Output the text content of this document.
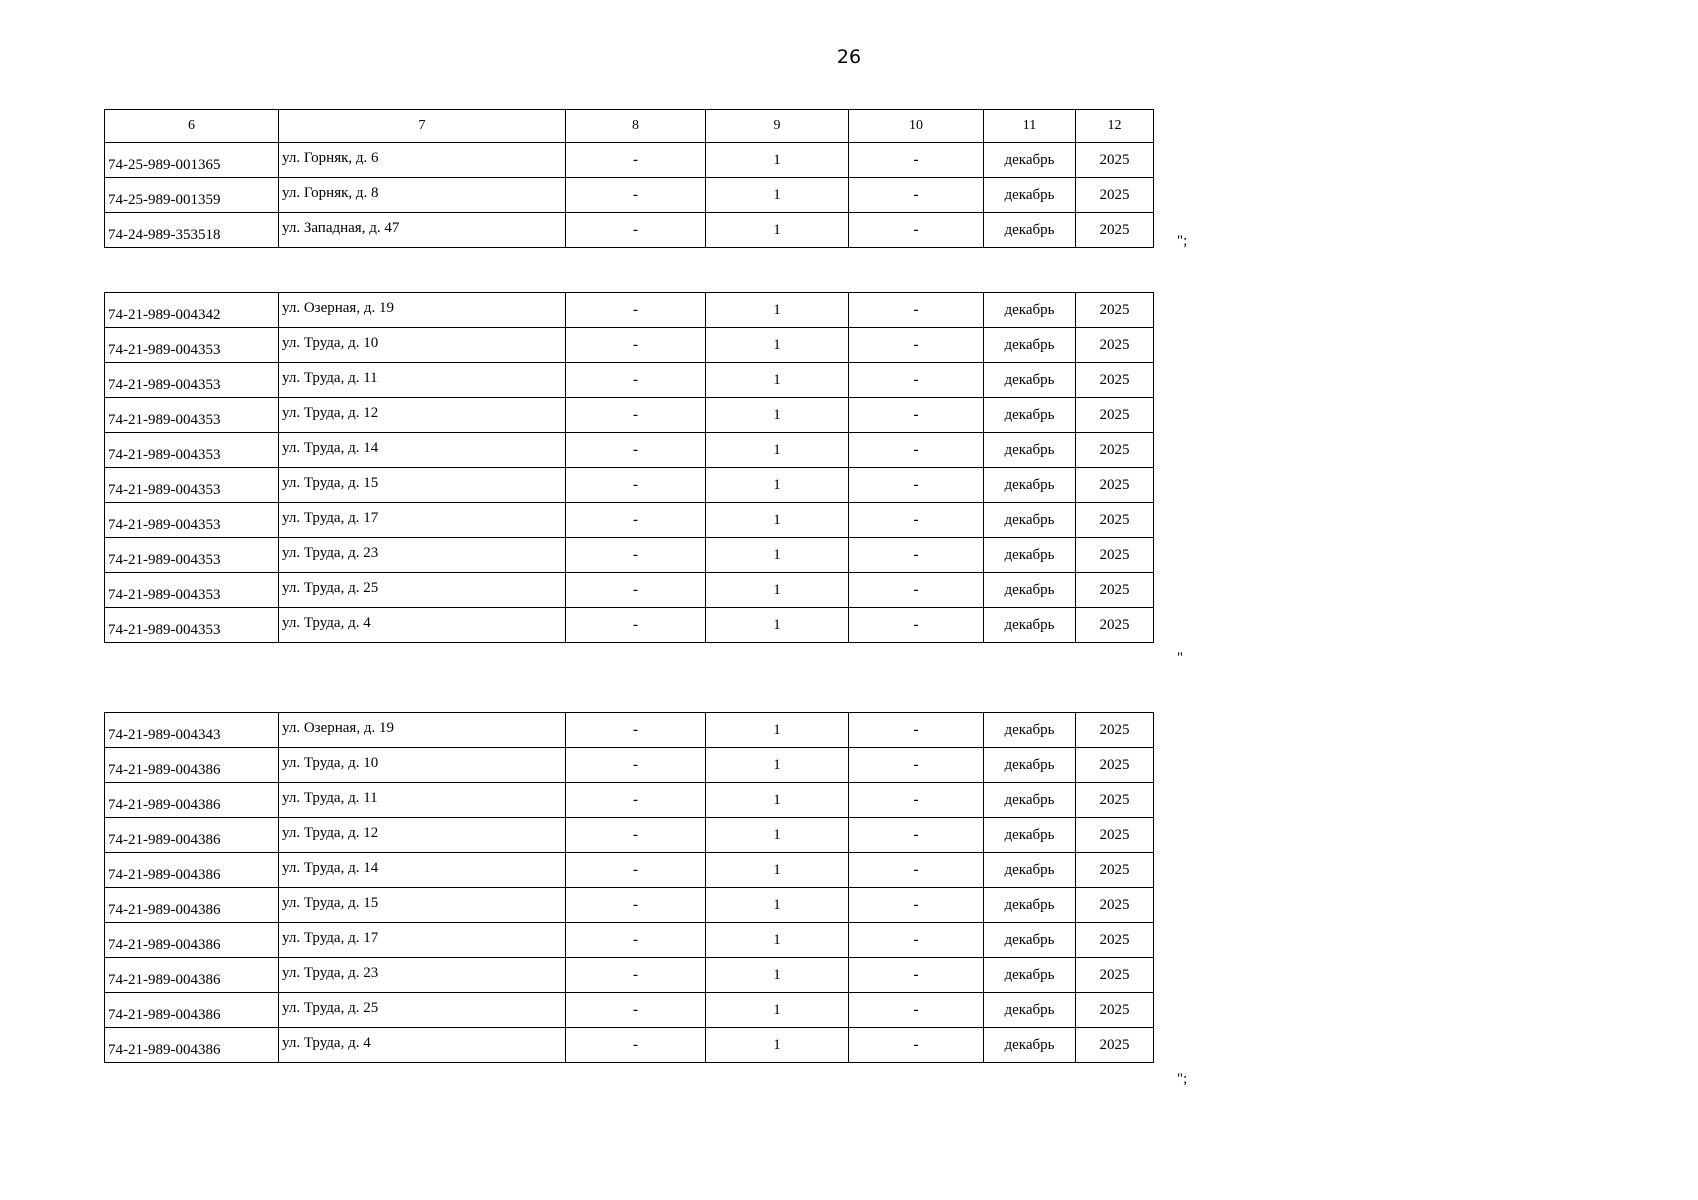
26
6	7	8	9	10	11	12
74-25-989-001365	ул. Горняк, д. 6	-	1	-	декабрь	2025
74-25-989-001359	ул. Горняк, д. 8	-	1	-	декабрь	2025
74-24-989-353518	ул. Западная, д. 47	-	1	-	декабрь	2025
";
74-21-989-004342	ул. Озерная, д. 19	-	1	-	декабрь	2025
74-21-989-004353	ул. Труда, д. 10	-	1	-	декабрь	2025
74-21-989-004353	ул. Труда, д. 11	-	1	-	декабрь	2025
74-21-989-004353	ул. Труда, д. 12	-	1	-	декабрь	2025
74-21-989-004353	ул. Труда, д. 14	-	1	-	декабрь	2025
74-21-989-004353	ул. Труда, д. 15	-	1	-	декабрь	2025
74-21-989-004353	ул. Труда, д. 17	-	1	-	декабрь	2025
74-21-989-004353	ул. Труда, д. 23	-	1	-	декабрь	2025
74-21-989-004353	ул. Труда, д. 25	-	1	-	декабрь	2025
74-21-989-004353	ул. Труда, д. 4	-	1	-	декабрь	2025
"
74-21-989-004343	ул. Озерная, д. 19	-	1	-	декабрь	2025
74-21-989-004386	ул. Труда, д. 10	-	1	-	декабрь	2025
74-21-989-004386	ул. Труда, д. 11	-	1	-	декабрь	2025
74-21-989-004386	ул. Труда, д. 12	-	1	-	декабрь	2025
74-21-989-004386	ул. Труда, д. 14	-	1	-	декабрь	2025
74-21-989-004386	ул. Труда, д. 15	-	1	-	декабрь	2025
74-21-989-004386	ул. Труда, д. 17	-	1	-	декабрь	2025
74-21-989-004386	ул. Труда, д. 23	-	1	-	декабрь	2025
74-21-989-004386	ул. Труда, д. 25	-	1	-	декабрь	2025
74-21-989-004386	ул. Труда, д. 4	-	1	-	декабрь	2025
";
